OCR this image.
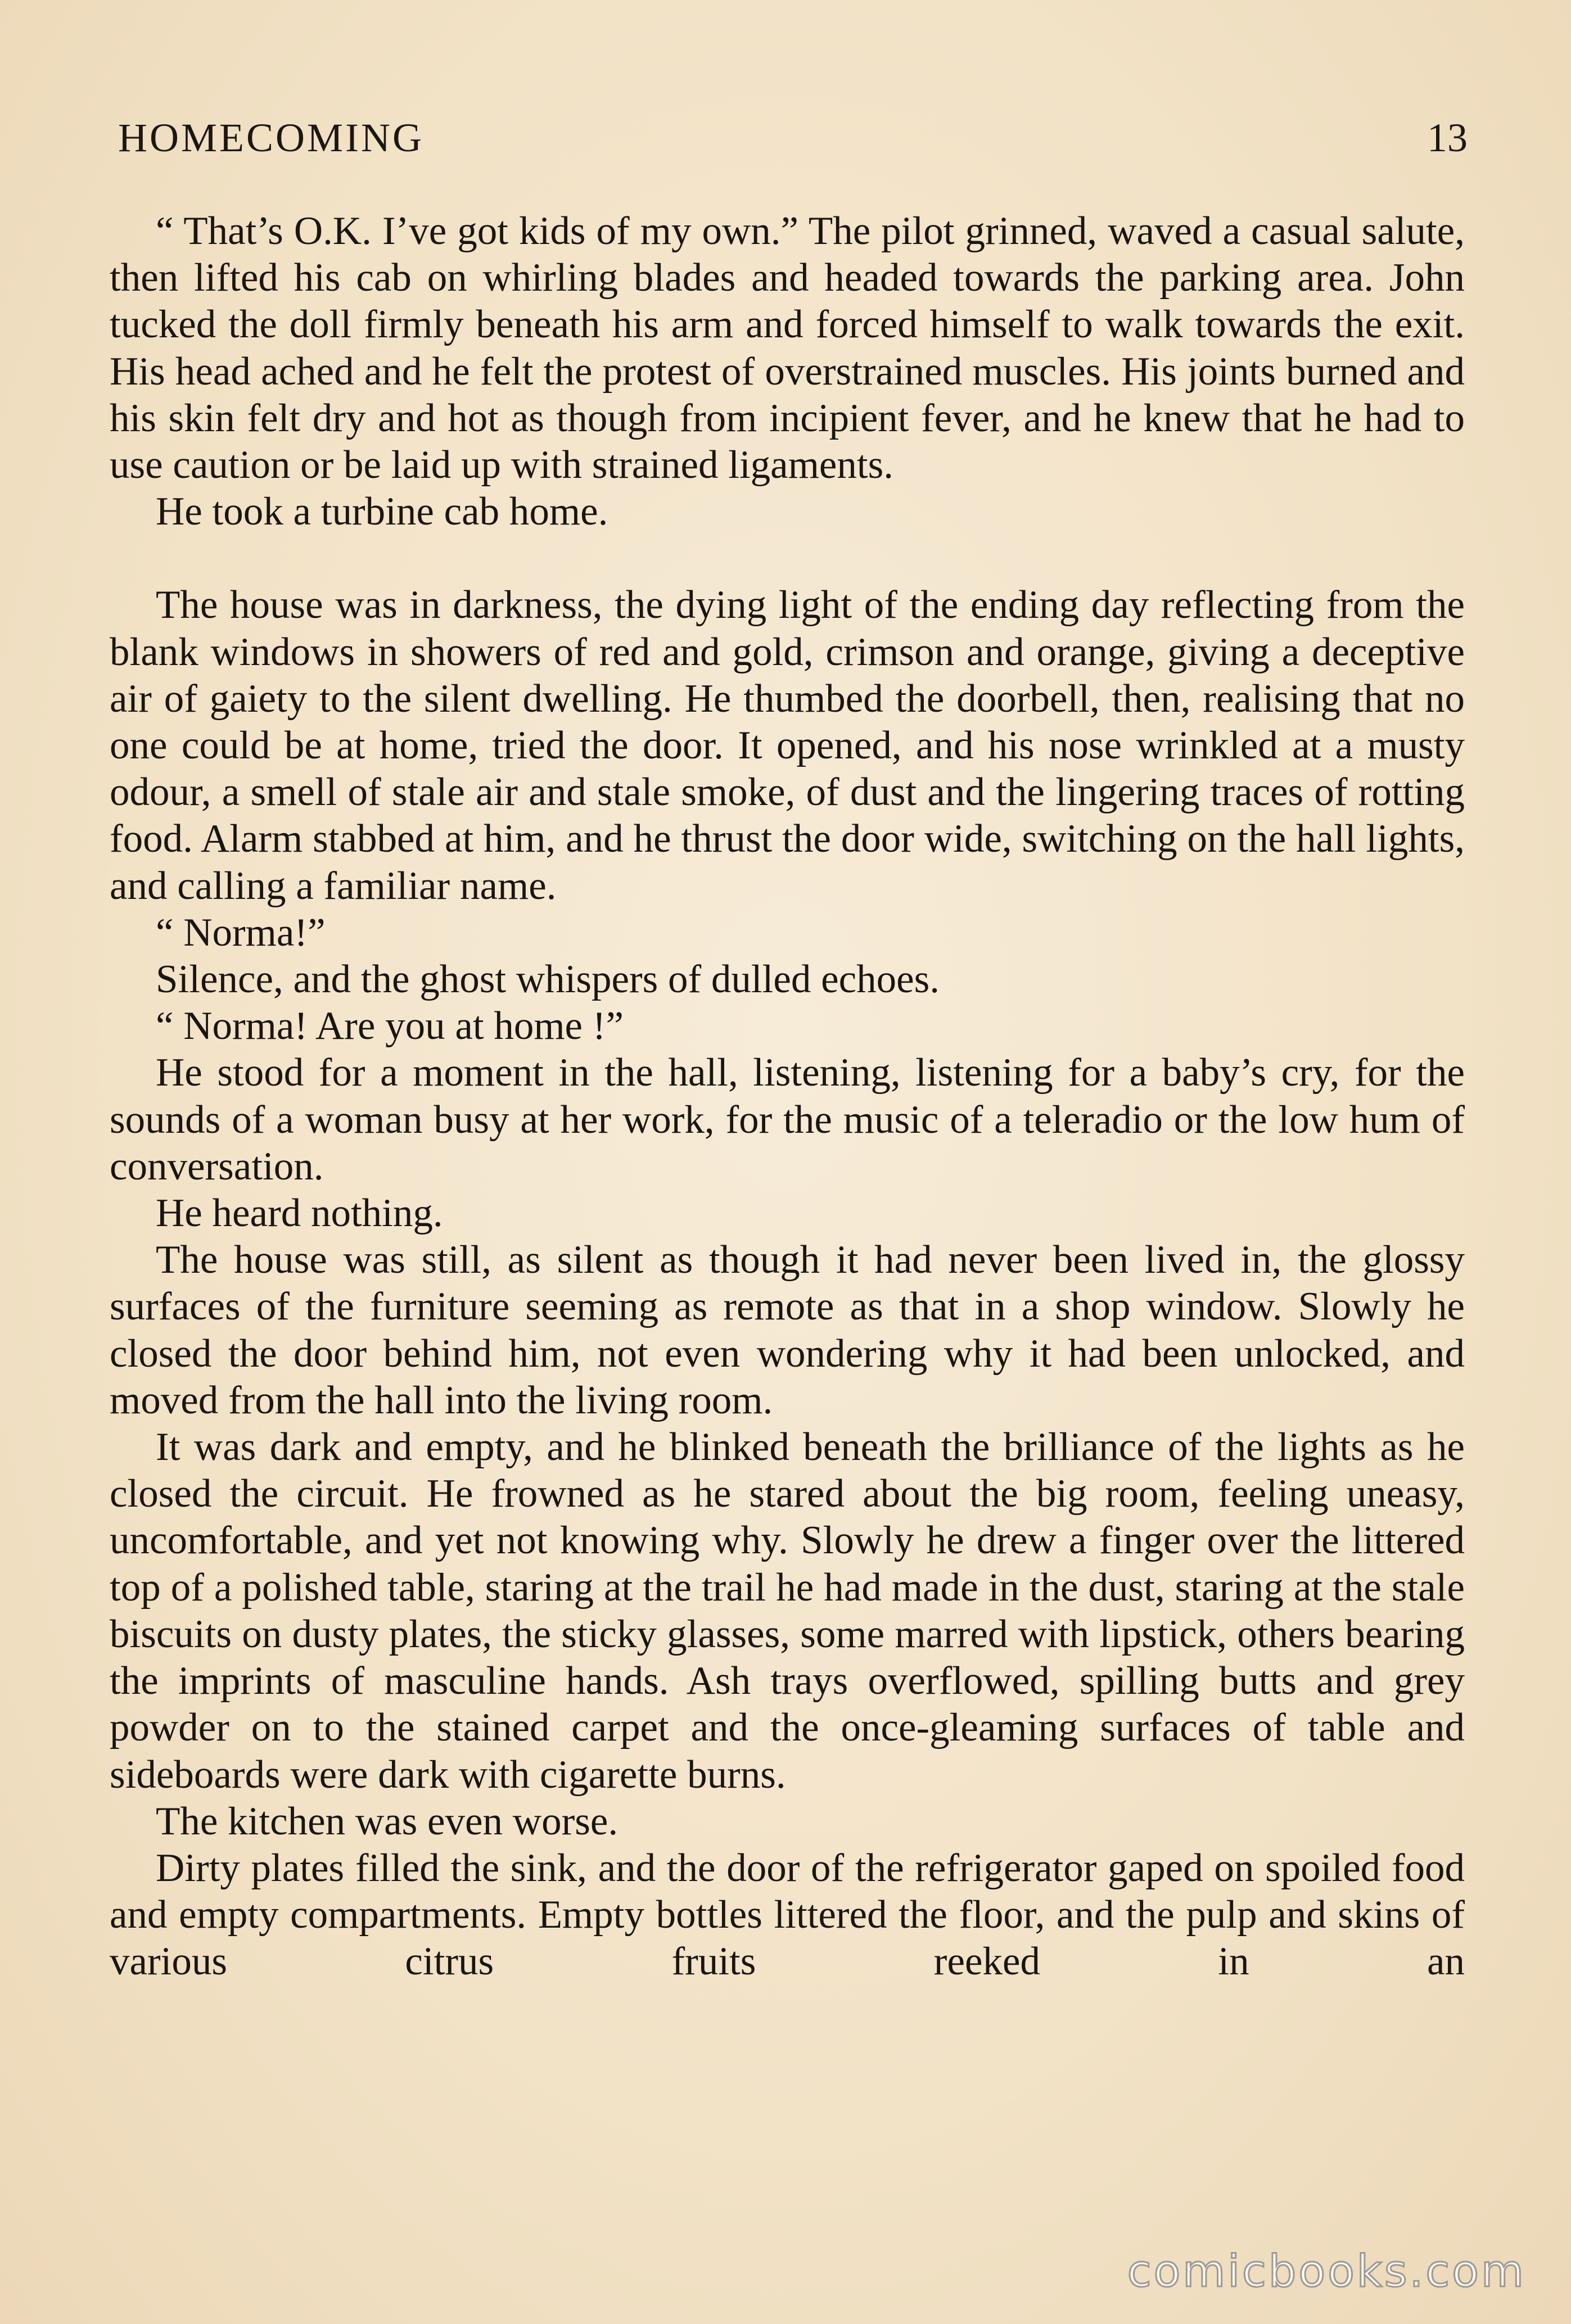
HOMECOMING	13

“ That’s O.K. I’ve got kids of my own.” The pilot grinned, waved a casual salute, then lifted his cab on whirling blades and headed towards the parking area. John tucked the doll firmly beneath his arm and forced himself to walk towards the exit. His head ached and he felt the protest of overstrained muscles. His joints burned and his skin felt dry and hot as though from incipient fever, and he knew that he had to use caution or be laid up with strained ligaments.

He took a turbine cab home.

The house was in darkness, the dying light of the ending day reflecting from the blank windows in showers of red and gold, crimson and orange, giving a deceptive air of gaiety to the silent dwelling. He thumbed the doorbell, then, realising that no one could be at home, tried the door. It opened, and his nose wrinkled at a musty odour, a smell of stale air and stale smoke, of dust and the lingering traces of rotting food. Alarm stabbed at him, and he thrust the door wide, switching on the hall lights, and calling a familiar name.

“ Norma!”

Silence, and the ghost whispers of dulled echoes.

“ Norma! Are you at home !”

He stood for a moment in the hall, listening, listening for a baby’s cry, for the sounds of a woman busy at her work, for the music of a teleradio or the low hum of conversation.

He heard nothing.

The house was still, as silent as though it had never been lived in, the glossy surfaces of the furniture seeming as remote as that in a shop window. Slowly he closed the door behind him, not even wondering why it had been unlocked, and moved from the hall into the living room.

It was dark and empty, and he blinked beneath the brilliance of the lights as he closed the circuit. He frowned as he stared about the big room, feeling uneasy, uncomfortable, and yet not knowing why. Slowly he drew a finger over the littered top of a polished table, staring at the trail he had made in the dust, staring at the stale biscuits on dusty plates, the sticky glasses, some marred with lipstick, others bearing the imprints of masculine hands. Ash trays overflowed, spilling butts and grey powder on to the stained carpet and the once-gleaming surfaces of table and sideboards were dark with cigarette burns.

The kitchen was even worse.

Dirty plates filled the sink, and the door of the refrigerator gaped on spoiled food and empty compartments. Empty bottles littered the floor, and the pulp and skins of various citrus fruits reeked in an

comicbooks.com
